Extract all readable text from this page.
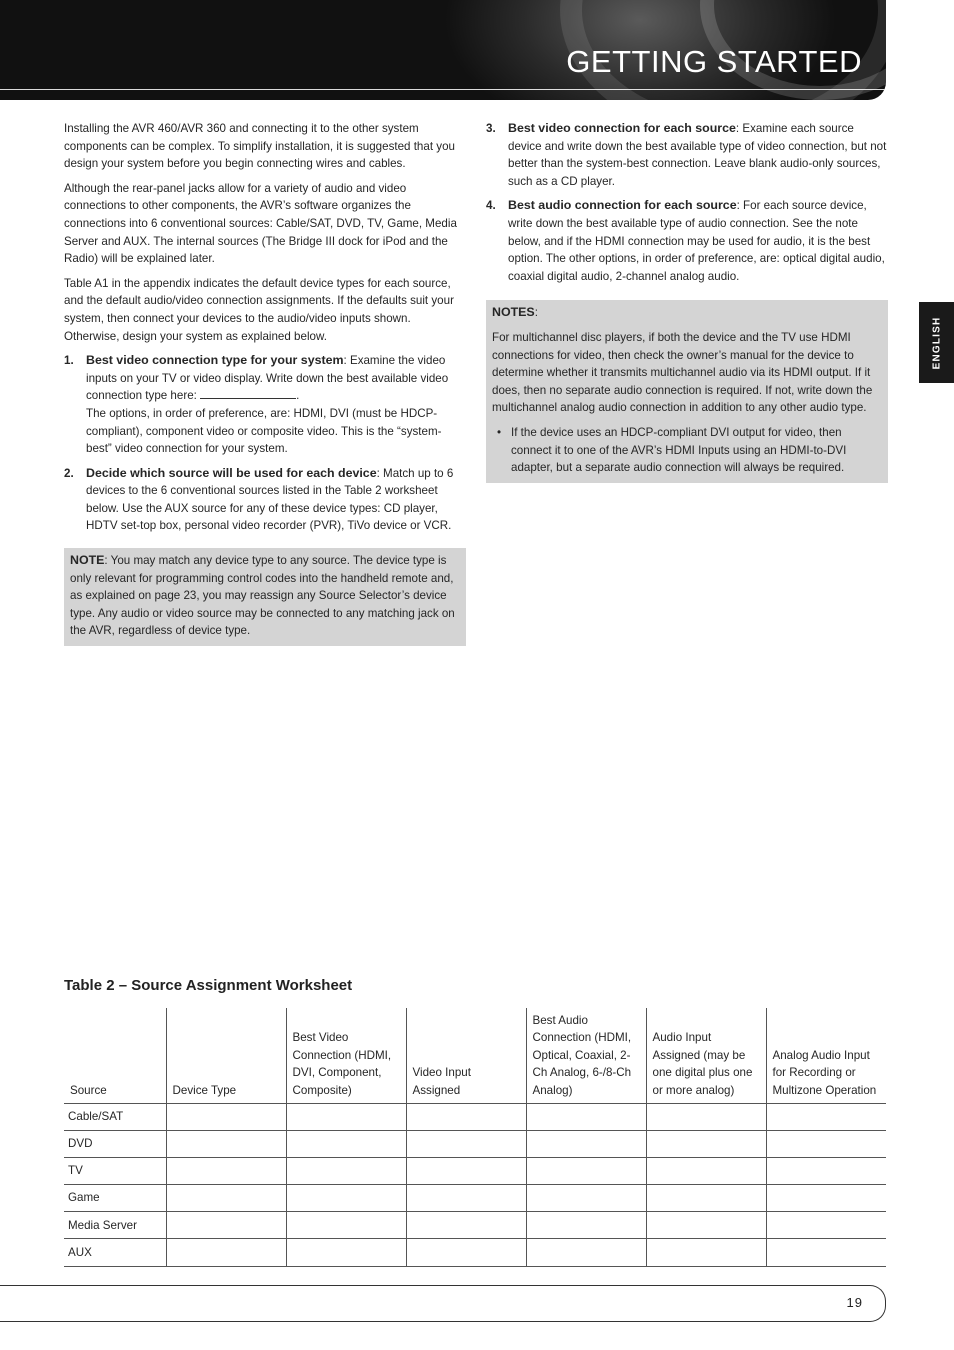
GETTING STARTED
ENGLISH

Installing the AVR 460/AVR 360 and connecting it to the other system components can be complex. To simplify installation, it is suggested that you design your system before you begin connecting wires and cables.

Although the rear-panel jacks allow for a variety of audio and video connections to other components, the AVR’s software organizes the connections into 6 conventional sources: Cable/SAT, DVD, TV, Game, Media Server and AUX. The internal sources (The Bridge III dock for iPod and the Radio) will be explained later.

Table A1 in the appendix indicates the default device types for each source, and the default audio/video connection assignments. If the defaults suit your system, then connect your devices to the audio/video inputs shown. Otherwise, design your system as explained below.

1. Best video connection type for your system: Examine the video inputs on your TV or video display. Write down the best available video connection type here:	.
The options, in order of preference, are: HDMI, DVI (must be HDCP-compliant), component video or composite video. This is the “system-best” video connection for your system.
2. Decide which source will be used for each device: Match up to 6 devices to the 6 conventional sources listed in the Table 2 worksheet below. Use the AUX source for any of these device types: CD player, HDTV set-top box, personal video recorder (PVR), TiVo device or VCR.
NOTE: You may match any device type to any source. The device type is only relevant for programming control codes into the handheld remote and, as explained on page 23, you may reassign any Source Selector’s device type. Any audio or video source may be connected to any matching jack on the AVR, regardless of device type.
3. Best video connection for each source: Examine each source device and write down the best available type of video connection, but not better than the system-best connection. Leave blank audio-only sources, such as a CD player.
4. Best audio connection for each source: For each source device, write down the best available type of audio connection. See the note below, and if the HDMI connection may be used for audio, it is the best option. The other options, in order of preference, are: optical digital audio, coaxial digital audio, 2-channel analog audio.

NOTES:

For multichannel disc players, if both the device and the TV use HDMI connections for video, then check the owner’s manual for the device to determine whether it transmits multichannel audio via its HDMI output. If it does, then no separate audio connection is required. If not, write down the multichannel analog audio connection in addition to any other audio type.

• If the device uses an HDCP-compliant DVI output for video, then connect it to one of the AVR’s HDMI Inputs using an HDMI-to-DVI adapter, but a separate audio connection will always be required.
Table 2 – Source Assignment Worksheet
Source	Device Type	Best Video Connection (HDMI, DVI, Component, Composite)	Video Input Assigned	Best Audio Connection (HDMI, Optical, Coaxial, 2-Ch Analog, 6-/8-Ch Analog)	Audio Input Assigned (may be one digital plus one or more analog)	Analog Audio Input for Recording or Multizone Operation
Cable/SAT						
DVD						
TV						
Game						
Media Server						
AUX						
19
